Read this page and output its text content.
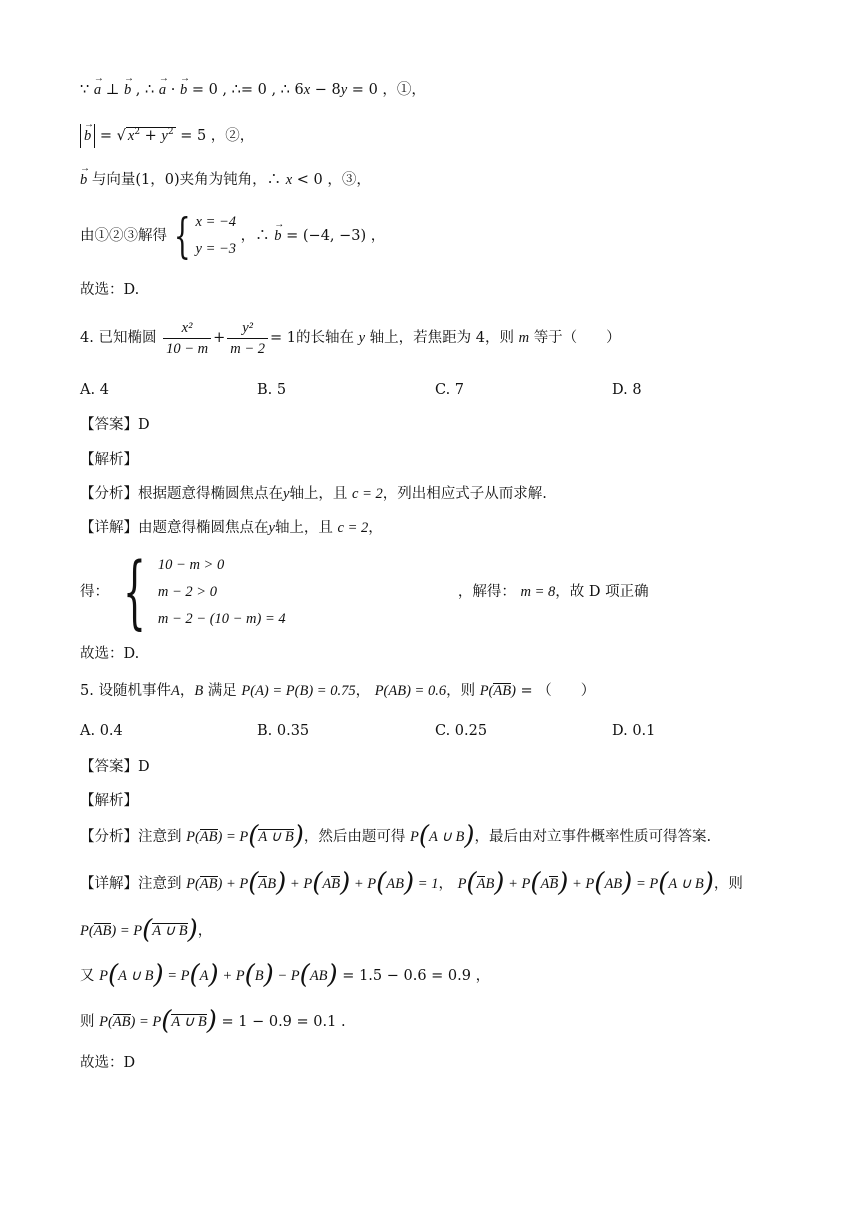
∵ → a ⊥ → b , ∴ → a · → b = 0 , ∴= 0 , ∴ 6x − 8y = 0 ，①，
→ b = √ $x^2 + y^2 = 5$ ，②，
→ b 与向量(1，0)夹角为钝角，∴ x < 0 ，③，
由①②③解得 { x = −4
y = −3
，∴ → b = (−4, −3) ，
故选：D.
4. 已知椭圆 $\frac{\text{x²}}{10 - m} + \frac{\text{y²}}{m - 2} = 1$的长轴在 y 轴上，若焦距为 4，则 m 等于（　　）
A. 4	B. 5	C. 7	D. 8
【答案】D
【解析】
【分析】根据题意得椭圆焦点在y轴上，且 c = 2，列出相应式子从而求解.
【详解】由题意得椭圆焦点在y轴上，且 c = 2，
得： { 10 − m > 0
m − 2 > 0
m − 2 − (10 − m) = 4
，解得： m = 8，故 D 项正确
故选：D.
5. 设随机事件A，B 满足 P(A) = P(B) = 0.75， P(AB) = 0.6，则 P(AB) = （　　）
A. 0.4	B. 0.35	C. 0.25	D. 0.1
【答案】D
【解析】
【分析】注意到 P(AB) = P(A ∪ B)，然后由题可得 P(A ∪ B)，最后由对立事件概率性质可得答案.
【详解】注意到 P(AB) + P(AB) + P(AB) + P(AB) = 1， P(AB) + P(AB) + P(AB) = P(A ∪ B)，则
P(AB) = P(A ∪ B)，
又 P(A ∪ B) = P(A) + P(B) − P(AB) = 1.5 − 0.6 = 0.9 ，
则 P(AB) = P(A ∪ B) = 1 − 0.9 = 0.1 .
故选：D
